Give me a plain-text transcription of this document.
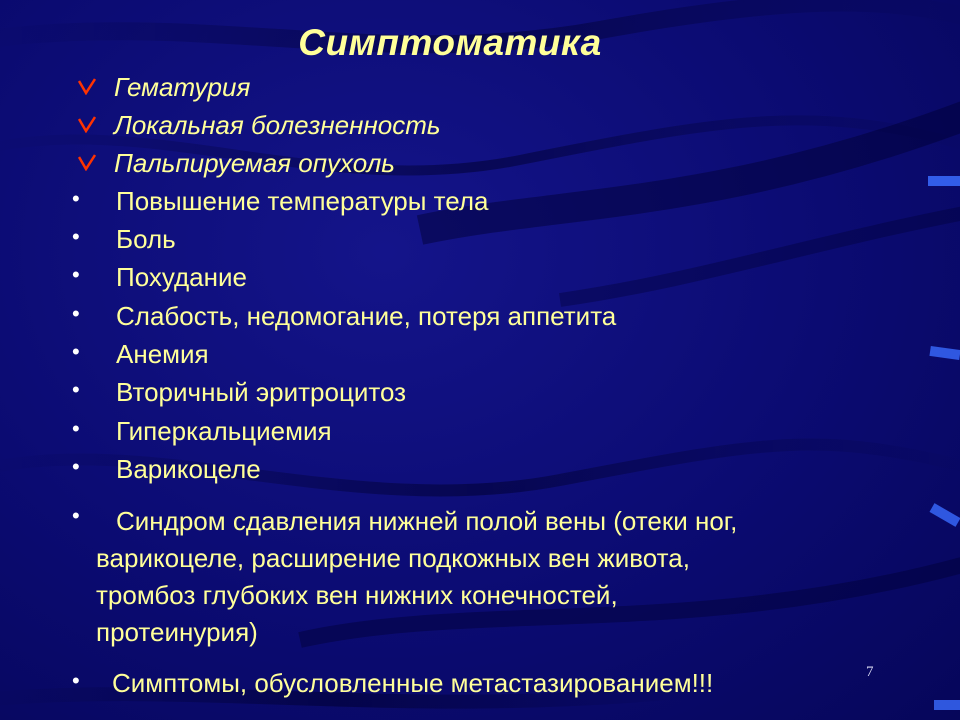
Симптоматика
Гематурия
Локальная болезненность
Пальпируемая опухоль
• Повышение температуры тела
• Боль
• Похудание
• Слабость, недомогание, потеря аппетита
• Анемия
• Вторичный эритроцитоз
• Гиперкальциемия
• Варикоцеле
•	Синдром сдавления нижней полой вены (отеки ног,
варикоцеле, расширение подкожных вен живота,
тромбоз глубоких вен нижних конечностей,
протеинурия)
• Симптомы, обусловленные метастазированием!!!	7
